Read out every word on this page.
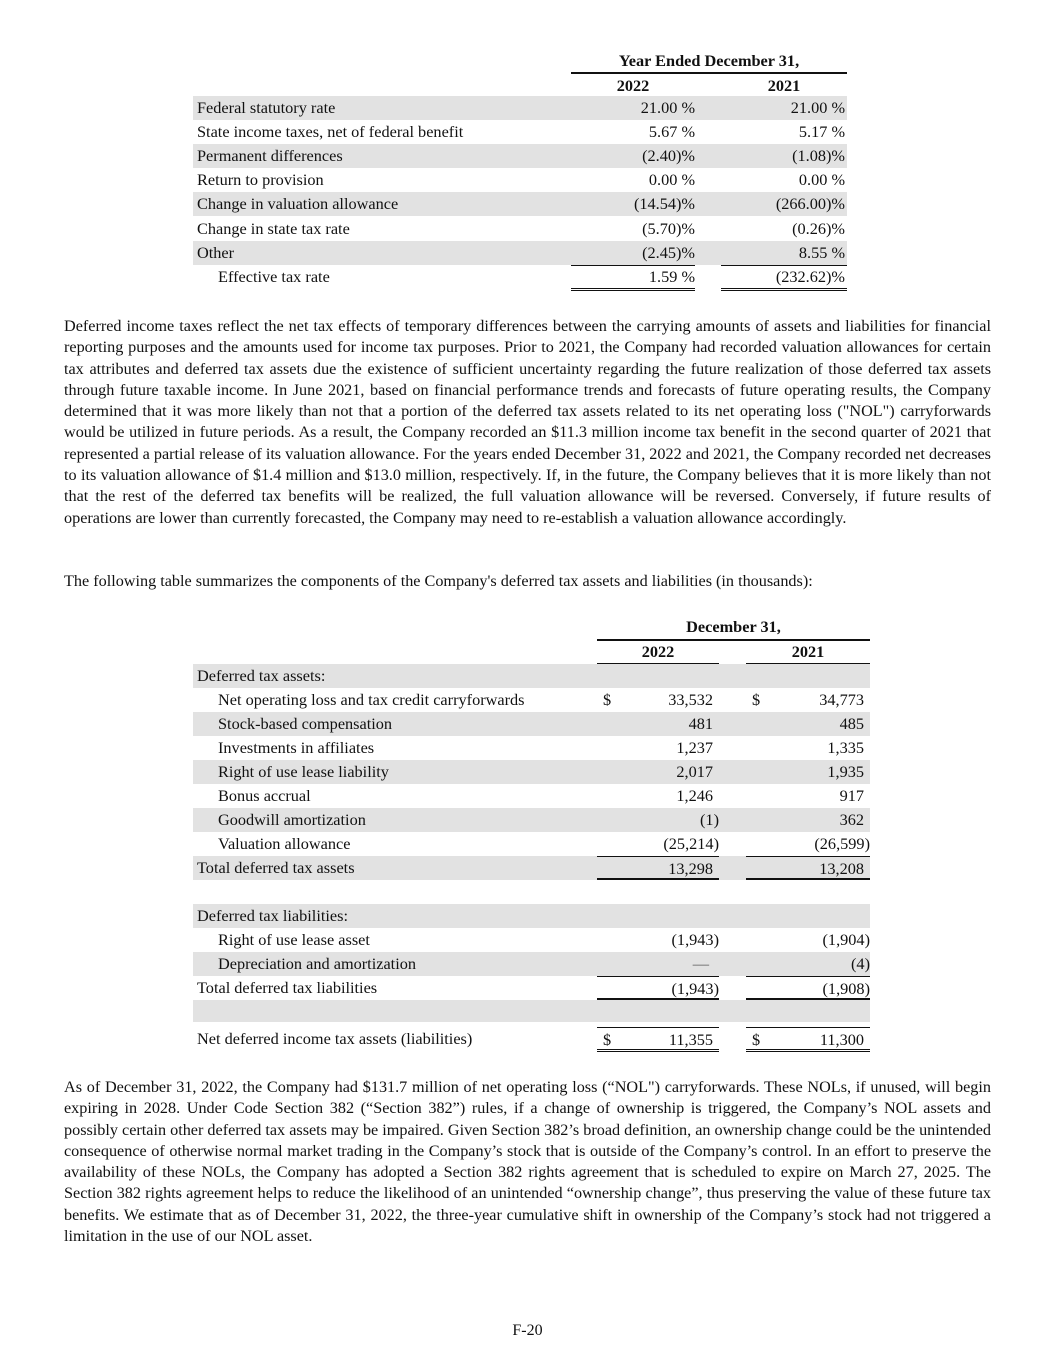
Year Ended December 31,
2022	2021
Federal statutory rate	21.00 %	21.00 %
State income taxes, net of federal benefit	5.67 %	5.17 %
Permanent differences	(2.40)%	(1.08)%
Return to provision	0.00 %	0.00 %
Change in valuation allowance	(14.54)%	(266.00)%
Change in state tax rate	(5.70)%	(0.26)%
Other	(2.45)%	8.55 %
Effective tax rate	1.59 %	(232.62)%

Deferred income taxes reflect the net tax effects of temporary differences between the carrying amounts of assets and liabilities for financial reporting purposes and the amounts used for income tax purposes. Prior to 2021, the Company had recorded valuation allowances for certain tax attributes and deferred tax assets due the existence of sufficient uncertainty regarding the future realization of those deferred tax assets through future taxable income. In June 2021, based on financial performance trends and forecasts of future operating results, the Company determined that it was more likely than not that a portion of the deferred tax assets related to its net operating loss ("NOL") carryforwards would be utilized in future periods. As a result, the Company recorded an $11.3 million income tax benefit in the second quarter of 2021 that represented a partial release of its valuation allowance. For the years ended December 31, 2022 and 2021, the Company recorded net decreases to its valuation allowance of $1.4 million and $13.0 million, respectively. If, in the future, the Company believes that it is more likely than not that the rest of the deferred tax benefits will be realized, the full valuation allowance will be reversed. Conversely, if future results of operations are lower than currently forecasted, the Company may need to re-establish a valuation allowance accordingly.

The following table summarizes the components of the Company's deferred tax assets and liabilities (in thousands):

December 31,
2022	2021
Deferred tax assets:
Net operating loss and tax credit carryforwards	$	33,532 $	34,773
Stock-based compensation	481	485
Investments in affiliates	1,237	1,335
Right of use lease liability	2,017	1,935
Bonus accrual	1,246	917
Goodwill amortization	(1)	362
Valuation allowance	(25,214)	(26,599)
Total deferred tax assets	13,298	13,208
Deferred tax liabilities:
Right of use lease asset	(1,943)	(1,904)
Depreciation and amortization	—	(4)
Total deferred tax liabilities	(1,943)	(1,908)
Net deferred income tax assets (liabilities)	$	11,355 $	11,300

As of December 31, 2022, the Company had $131.7 million of net operating loss (“NOL") carryforwards. These NOLs, if unused, will begin expiring in 2028. Under Code Section 382 (“Section 382”) rules, if a change of ownership is triggered, the Company’s NOL assets and possibly certain other deferred tax assets may be impaired. Given Section 382’s broad definition, an ownership change could be the unintended consequence of otherwise normal market trading in the Company’s stock that is outside of the Company’s control. In an effort to preserve the availability of these NOLs, the Company has adopted a Section 382 rights agreement that is scheduled to expire on March 27, 2025. The Section 382 rights agreement helps to reduce the likelihood of an unintended “ownership change”, thus preserving the value of these future tax benefits. We estimate that as of December 31, 2022, the three-year cumulative shift in ownership of the Company’s stock had not triggered a limitation in the use of our NOL asset.

F-20
